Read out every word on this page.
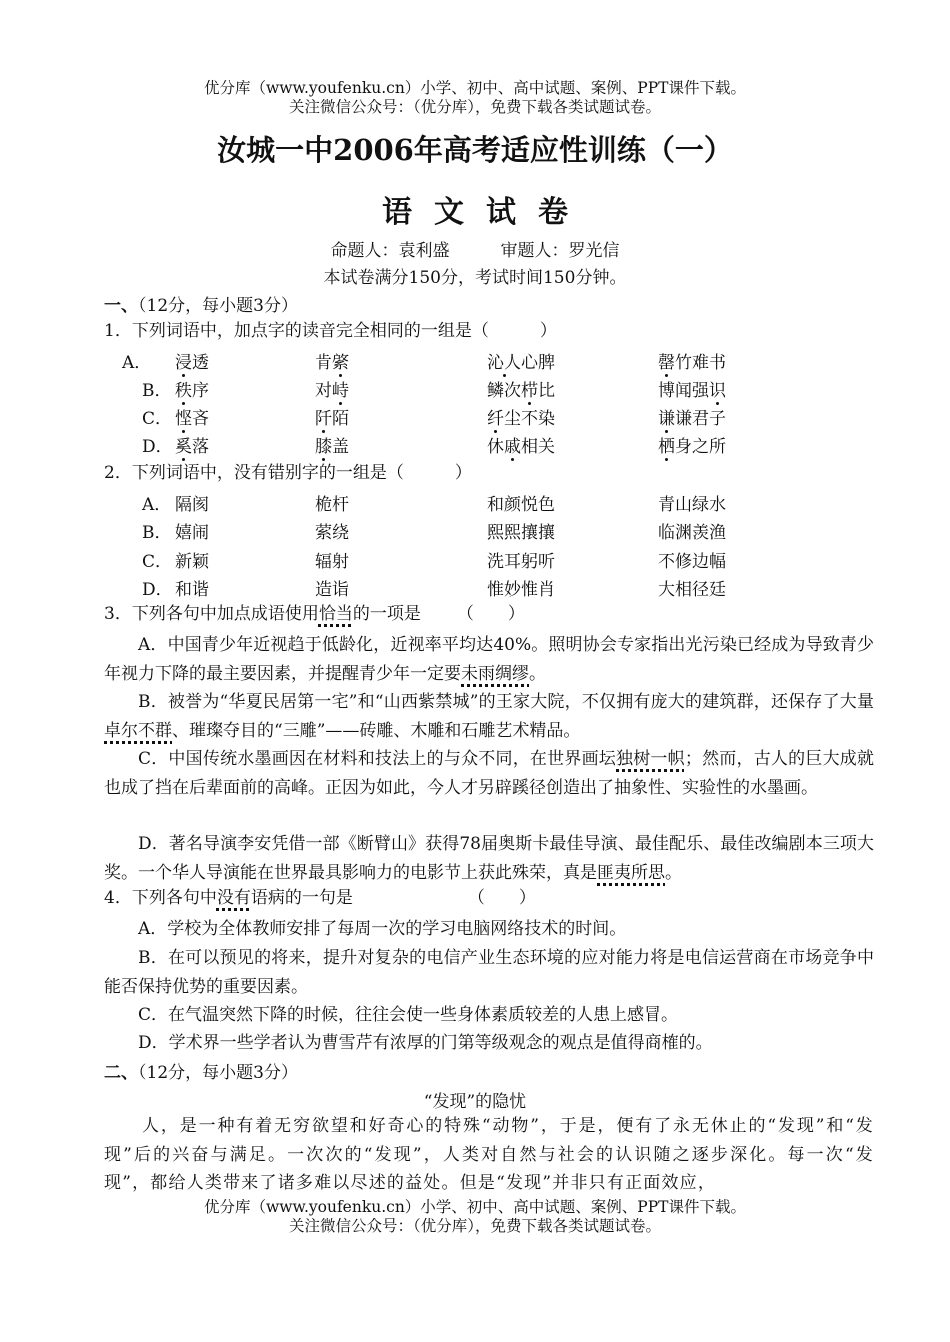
优分库（www.youfenku.cn）小学、初中、高中试题、案例、PPT课件下载。
关注微信公众号：（优分库），免费下载各类试题试卷。
汝城一中2006年高考适应性训练（一）
语文试卷
命题人：袁利盛　　　审题人：罗光信
本试卷满分150分，考试时间150分钟。
一、（12分，每小题3分）
1．下列词语中，加点字的读音完全相同的一组是（　　　）
A． 浸透	肯綮	沁人心脾	罄竹难书
B． 秩序	对峙	鳞次栉比	博闻强识
C． 悭吝	阡陌	纤尘不染	谦谦君子
D． 奚落	膝盖	休戚相关	栖身之所
2．下列词语中，没有错别字的一组是（　　　）
A． 隔阂	桅杆	和颜悦色	青山绿水
B． 嬉闹	萦绕	熙熙攘攘	临渊羡渔
C． 新颖	辐射	洗耳躬听	不修边幅
D． 和谐	造诣	惟妙惟肖	大相径廷
3．下列各句中加点成语使用恰当的一项是 （　　）
A．中国青少年近视趋于低龄化，近视率平均达40%。照明协会专家指出光污染已经成为导致青少年视力下降的最主要因素，并提醒青少年一定要未雨绸缪。
B．被誉为“华夏民居第一宅”和“山西紫禁城”的王家大院，不仅拥有庞大的建筑群，还保存了大量卓尔不群、璀璨夺目的“三雕”——砖雕、木雕和石雕艺术精品。
C．中国传统水墨画因在材料和技法上的与众不同，在世界画坛独树一帜；然而，古人的巨大成就也成了挡在后辈面前的高峰。正因为如此，今人才另辟蹊径创造出了抽象性、实验性的水墨画。
D．著名导演李安凭借一部《断臂山》获得78届奥斯卡最佳导演、最佳配乐、最佳改编剧本三项大奖。一个华人导演能在世界最具影响力的电影节上获此殊荣，真是匪夷所思。
4．下列各句中没有语病的一句是	（　　）
A．学校为全体教师安排了每周一次的学习电脑网络技术的时间。
B．在可以预见的将来，提升对复杂的电信产业生态环境的应对能力将是电信运营商在市场竞争中能否保持优势的重要因素。
C．在气温突然下降的时候，往往会使一些身体素质较差的人患上感冒。
D．学术界一些学者认为曹雪芹有浓厚的门第等级观念的观点是值得商榷的。
二、（12分，每小题3分）
“发现”的隐忧
人，是一种有着无穷欲望和好奇心的特殊“动物”，于是，便有了永无休止的“发现”和“发现”后的兴奋与满足。一次次的“发现”，人类对自然与社会的认识随之逐步深化。每一次“发现”，都给人类带来了诸多难以尽述的益处。但是“发现”并非只有正面效应，
优分库（www.youfenku.cn）小学、初中、高中试题、案例、PPT课件下载。
关注微信公众号：（优分库），免费下载各类试题试卷。
